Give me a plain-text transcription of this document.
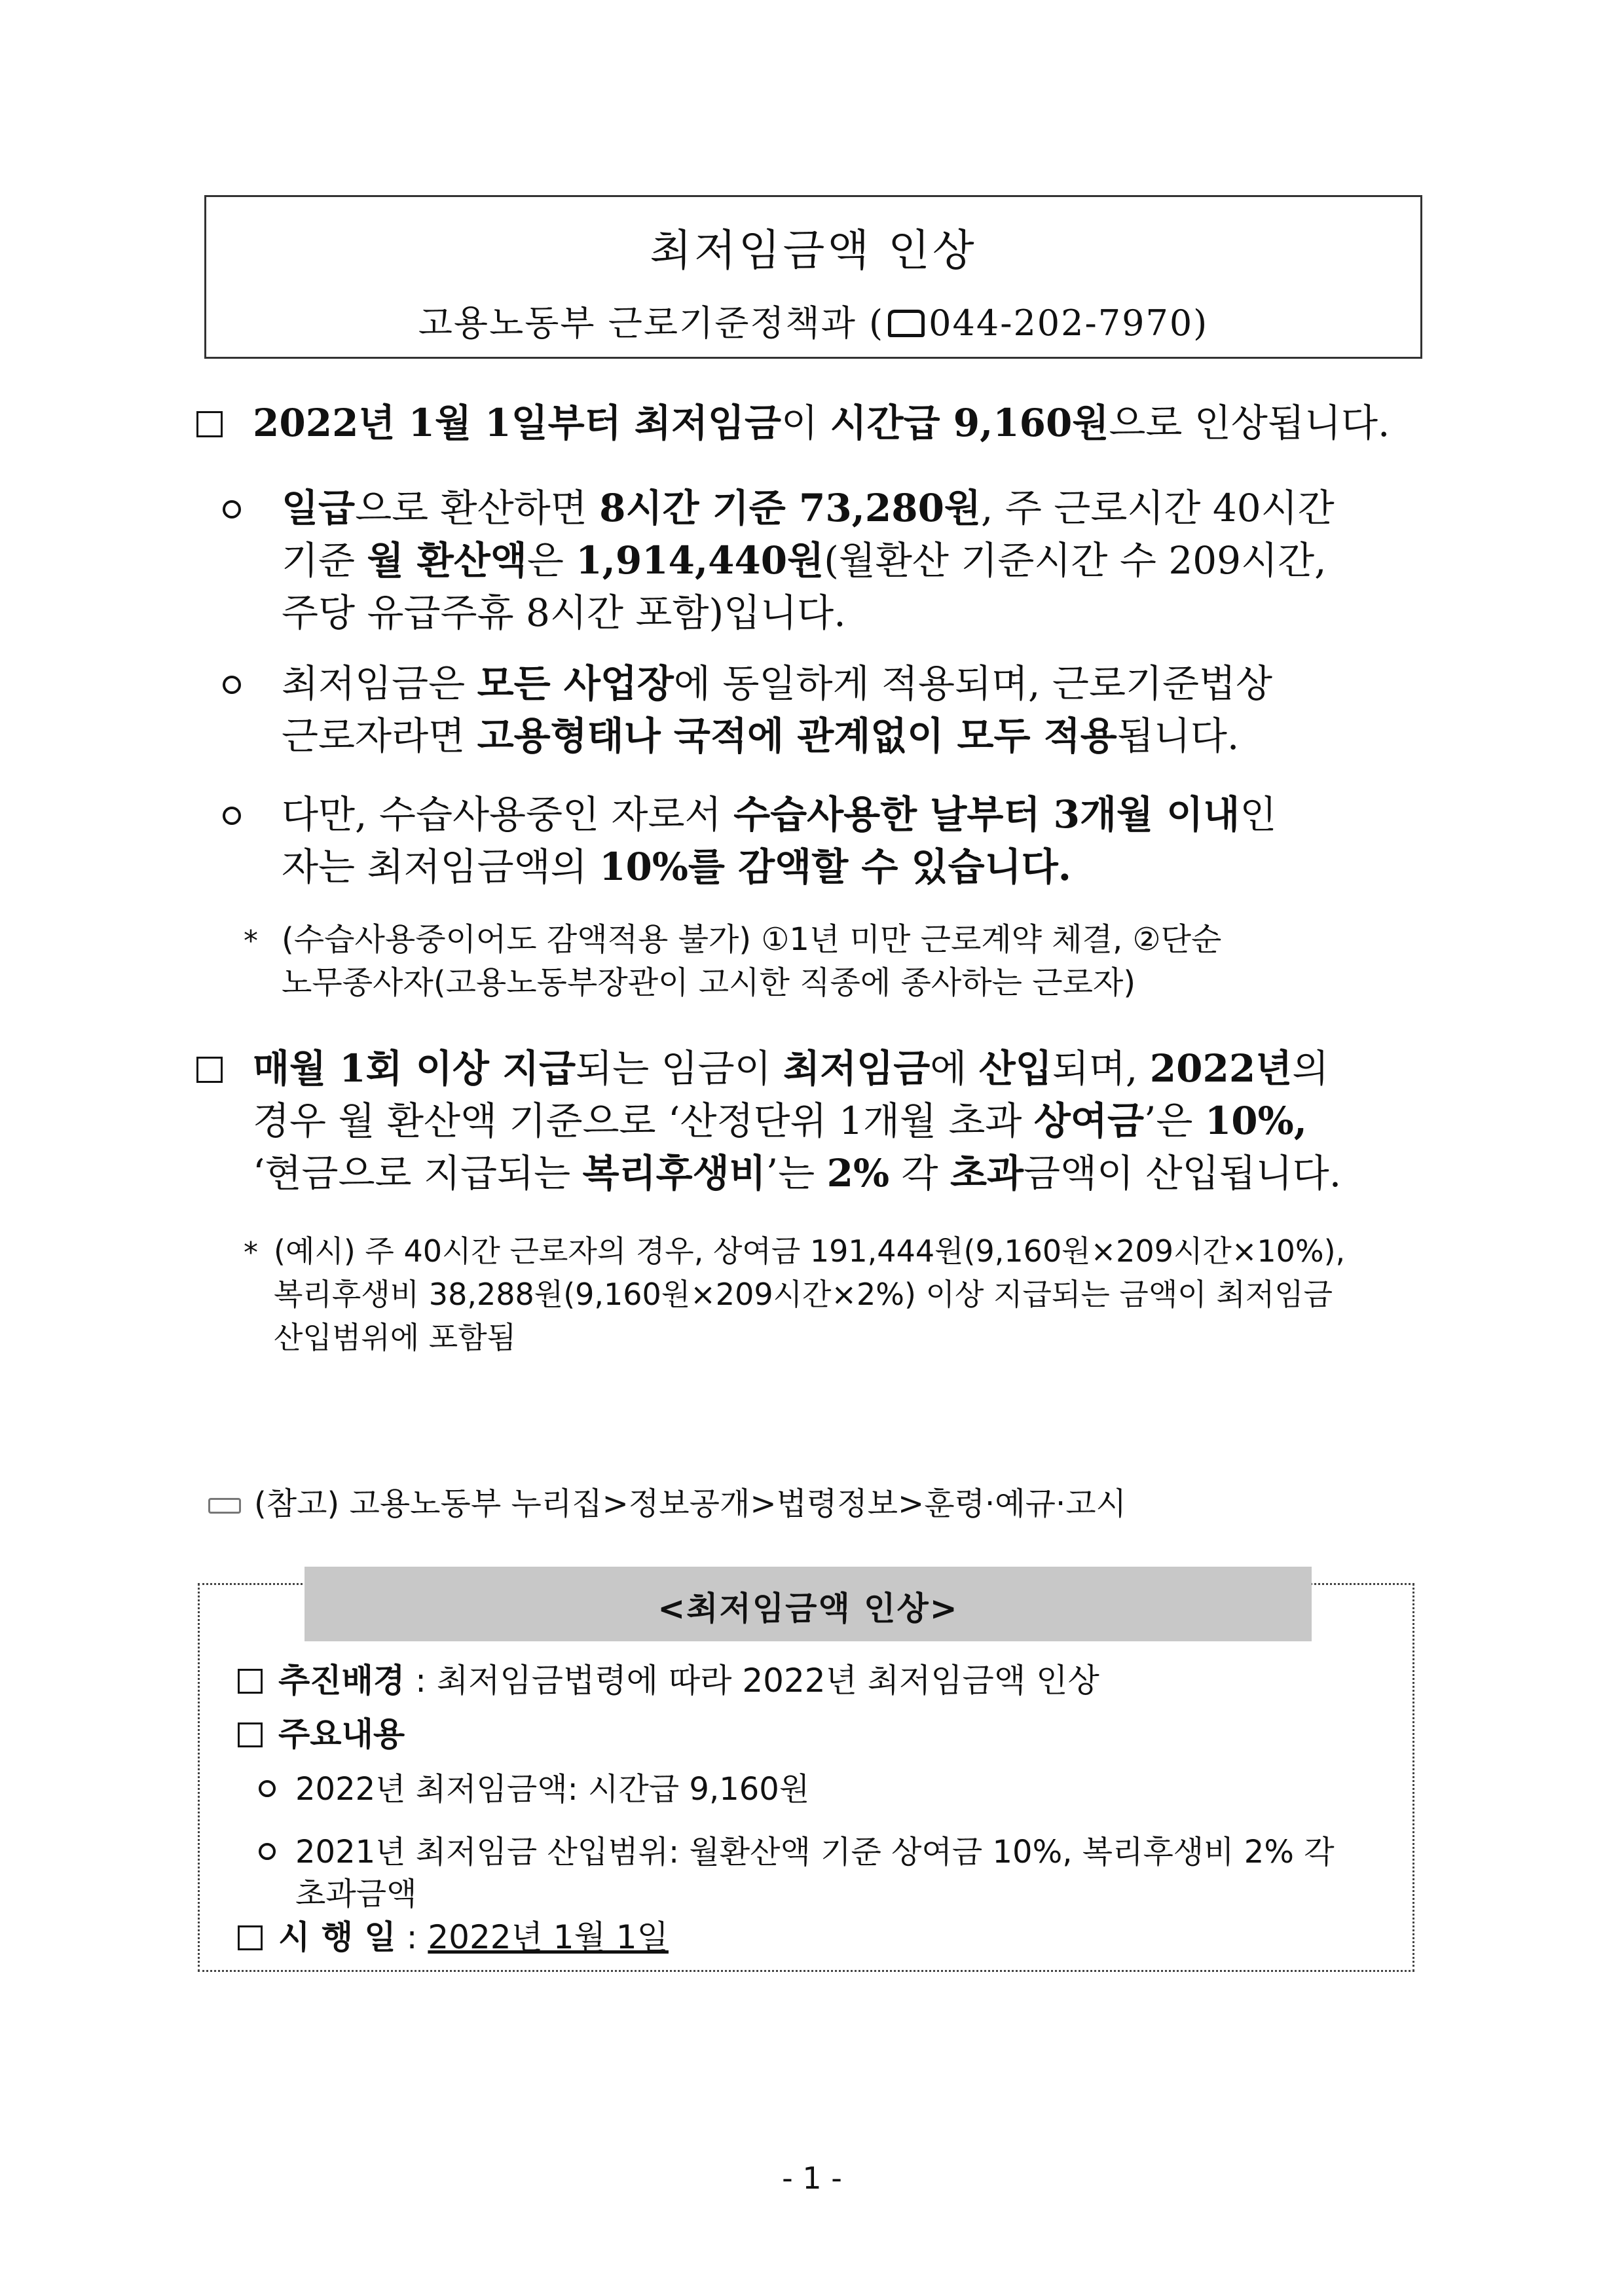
최저임금액 인상
고용노동부 근로기준정책과 ( 044-202-7970)
2022년 1월 1일부터 최저임금이 시간급 9,160원으로 인상됩니다.
일급으로 환산하면 8시간 기준 73,280원, 주 근로시간 40시간
기준 월 환산액은 1,914,440원(월환산 기준시간 수 209시간,
주당 유급주휴 8시간 포함)입니다.
최저임금은 모든 사업장에 동일하게 적용되며, 근로기준법상
근로자라면 고용형태나 국적에 관계없이 모두 적용됩니다.
다만, 수습사용중인 자로서 수습사용한 날부터 3개월 이내인
자는 최저임금액의 10%를 감액할 수 있습니다.
* (수습사용중이어도 감액적용 불가) ①1년 미만 근로계약 체결, ②단순
노무종사자(고용노동부장관이 고시한 직종에 종사하는 근로자)
매월 1회 이상 지급되는 임금이 최저임금에 산입되며, 2022년의
경우 월 환산액 기준으로 ‘산정단위 1개월 초과 상여금’은 10%,
‘현금으로 지급되는 복리후생비’는 2% 각 초과금액이 산입됩니다.
* (예시) 주 40시간 근로자의 경우, 상여금 191,444원(9,160원×209시간×10%),
복리후생비 38,288원(9,160원×209시간×2%) 이상 지급되는 금액이 최저임금
산입범위에 포함됨
(참고) 고용노동부 누리집>정보공개>법령정보>훈령·예규·고시
<최저임금액 인상>
추진배경 : 최저임금법령에 따라 2022년 최저임금액 인상
주요내용
2022년 최저임금액: 시간급 9,160원
2021년 최저임금 산입범위: 월환산액 기준 상여금 10%, 복리후생비 2% 각
초과금액
시 행 일 : 2022년 1월 1일
- 1 -
